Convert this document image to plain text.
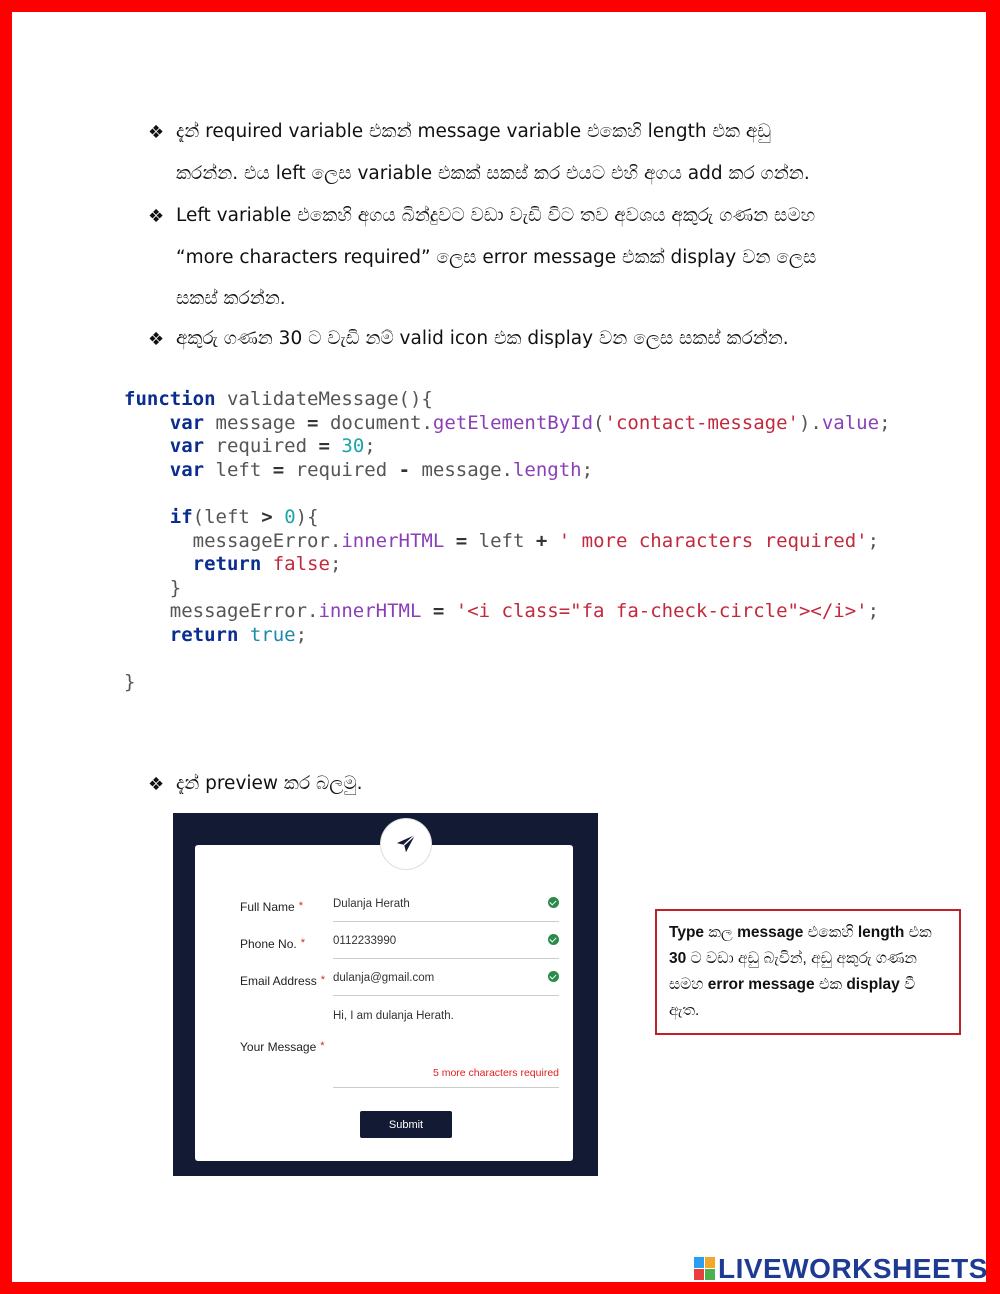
❖ දැන් required variable එකන් message variable එකෙහි length එක අඩු
කරන්න. එය left ලෙස variable එකක් සකස් කර එයට එහි අගය add කර ගන්න.
❖ Left variable එකෙහි අගය බින්දුවට වඩා වැඩි විට තව අවශය අකුරු ගණන සමහ
“more characters required” ලෙස error message එකක් display වන ලෙස
සකස් කරන්න.
❖ අකුරු ගණන 30 ට වැඩි නම් valid icon එක display වන ලෙස සකස් කරන්න.
function validateMessage(){
var message = document.getElementById('contact-message').value;
var required = 30;
var left = required - message.length;

if(left > 0){
messageError.innerHTML = left + ' more characters required';
return false;
}
messageError.innerHTML = '<i class="fa fa-check-circle"></i>';
return true;

}
❖ දැන් preview කර බලමු.
Full Name *	Dulanja Herath
Phone No. * 0112233990
Email Address * dulanja@gmail.com
Your Message *
Hi, I am dulanja Herath.
5 more characters required
Submit
Type කල message එකෙහි length එක 30 ට වඩා අඩු බැවින්, අඩු අකුරු ගණන සමහ error message එක display වී ඇත.
LIVEWORKSHEETS
